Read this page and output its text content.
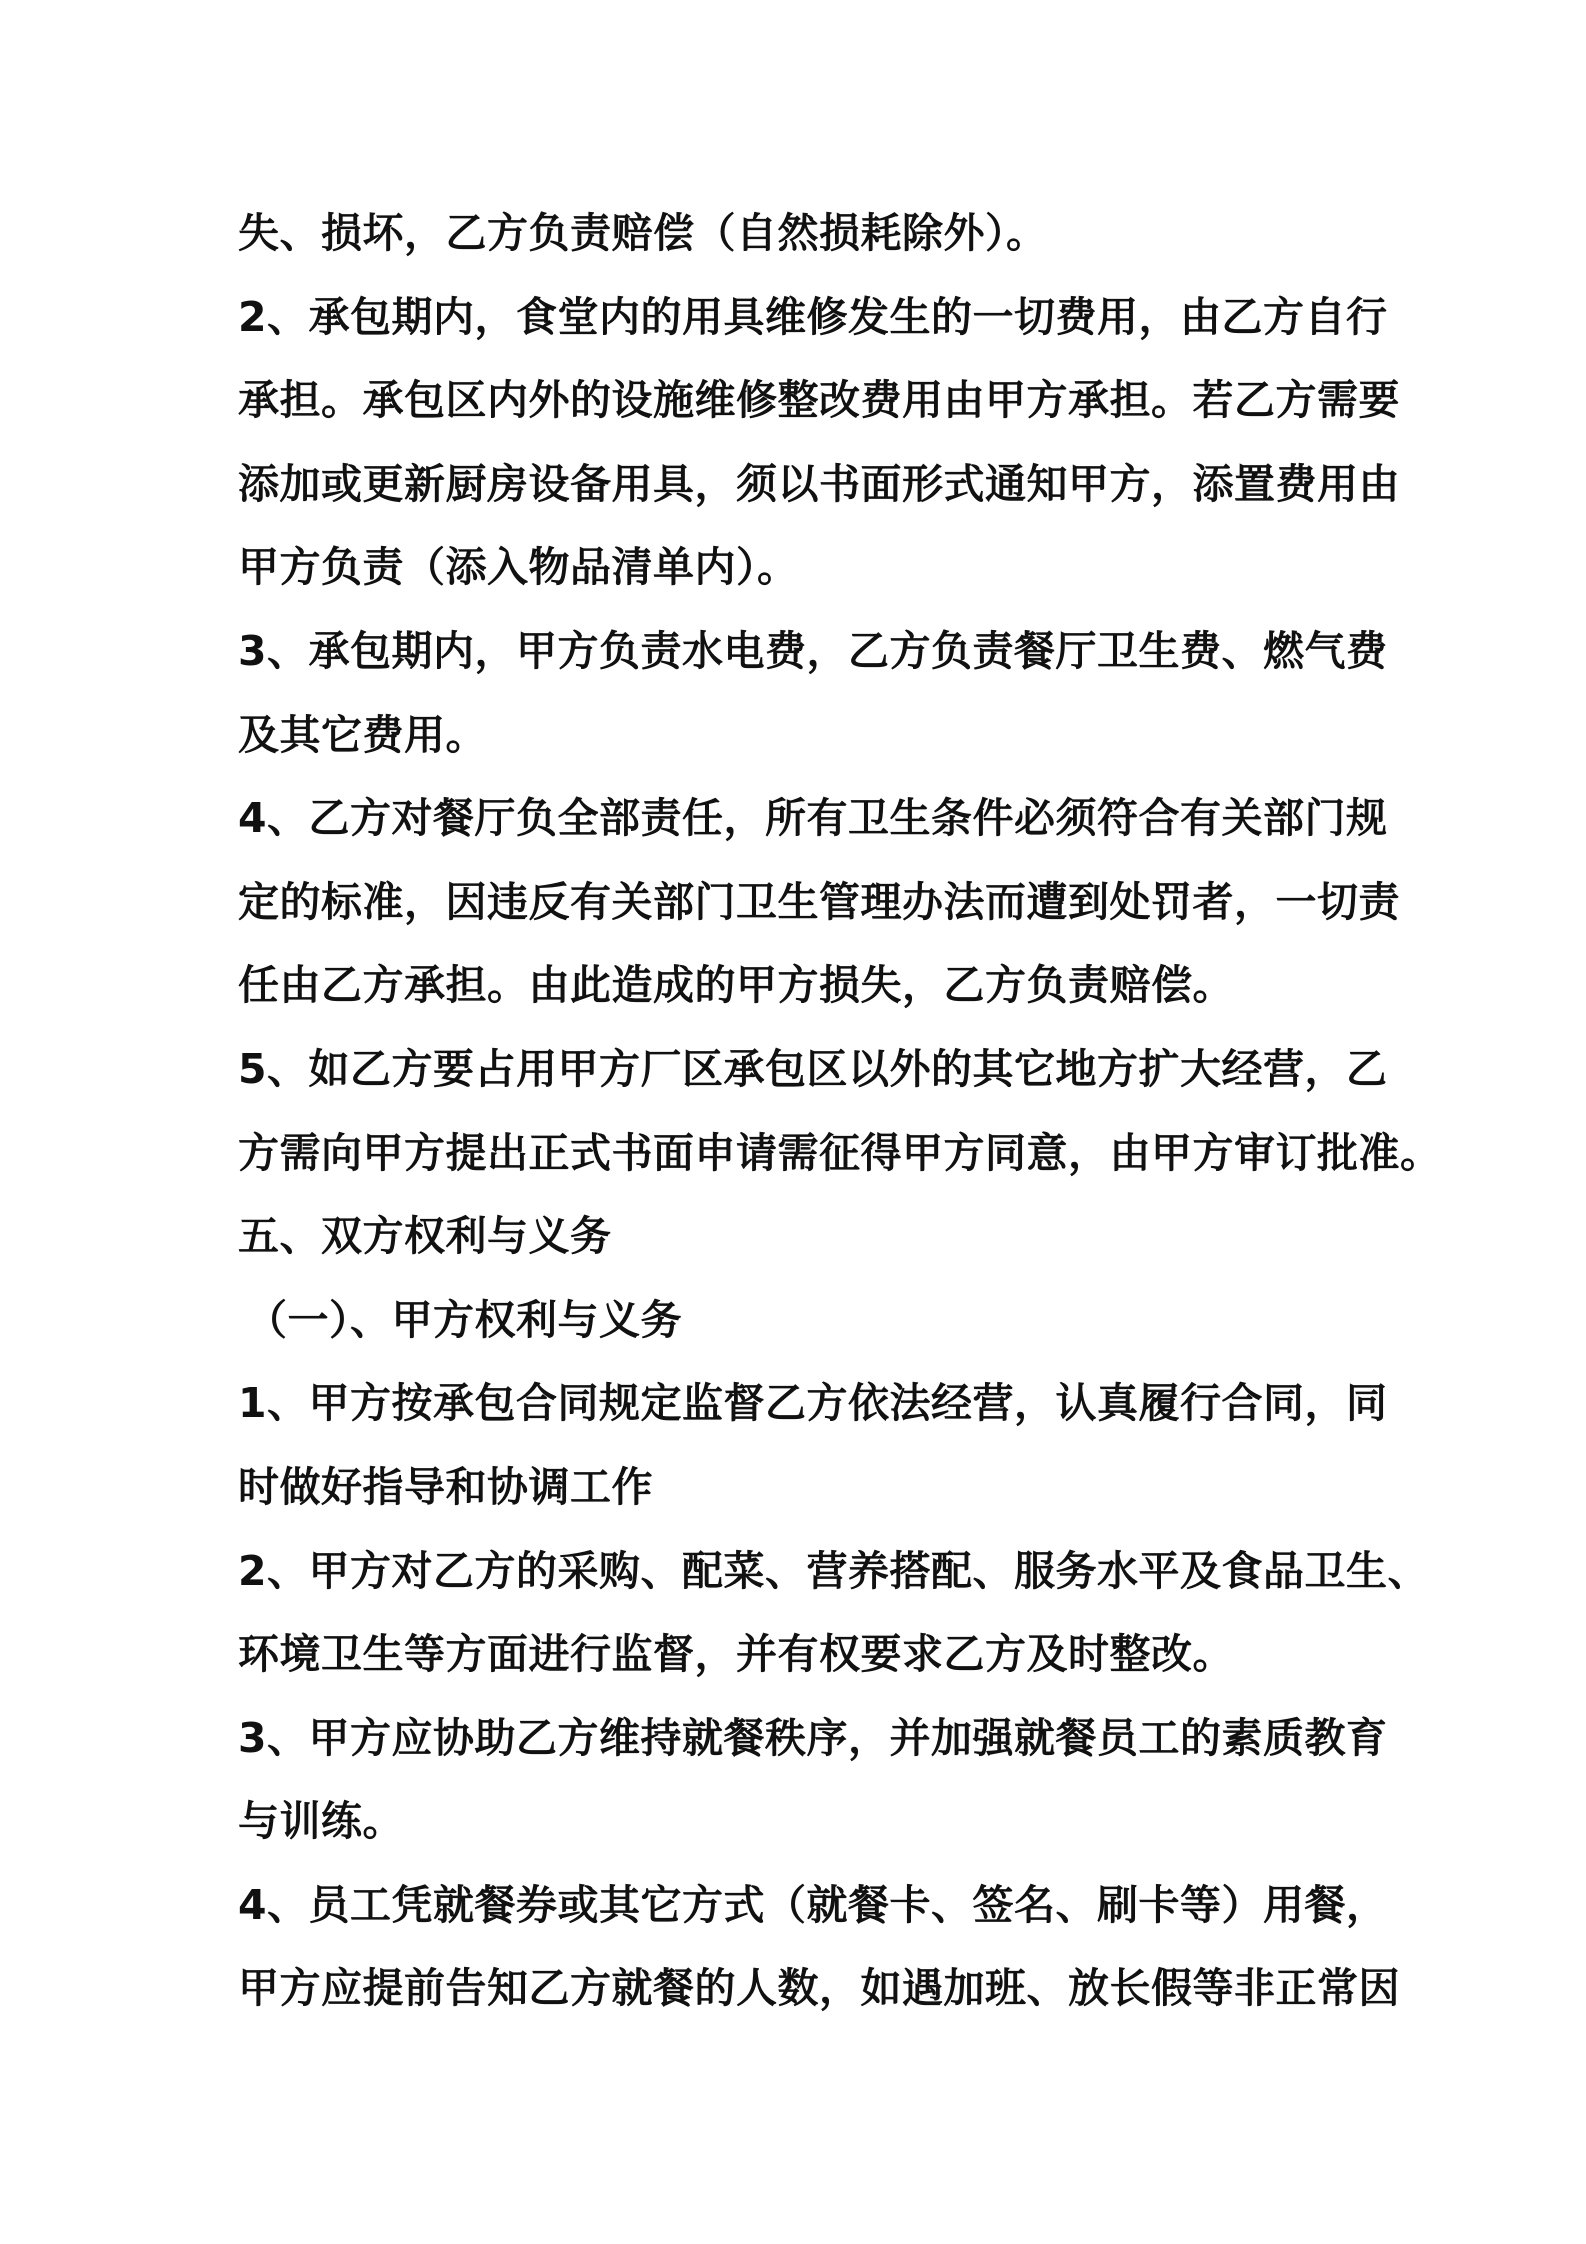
失、损坏，乙方负责赔偿（自然损耗除外）。
2、承包期内，食堂内的用具维修发生的一切费用，由乙方自行
承担。承包区内外的设施维修整改费用由甲方承担。若乙方需要
添加或更新厨房设备用具，须以书面形式通知甲方，添置费用由
甲方负责（添入物品清单内）。
3、承包期内，甲方负责水电费，乙方负责餐厅卫生费、燃气费
及其它费用。
4、乙方对餐厅负全部责任，所有卫生条件必须符合有关部门规
定的标准，因违反有关部门卫生管理办法而遭到处罚者，一切责
任由乙方承担。由此造成的甲方损失，乙方负责赔偿。
5、如乙方要占用甲方厂区承包区以外的其它地方扩大经营，乙
方需向甲方提出正式书面申请需征得甲方同意，由甲方审订批准。
五、双方权利与义务
（一）、甲方权利与义务
1、甲方按承包合同规定监督乙方依法经营，认真履行合同，同
时做好指导和协调工作
2、甲方对乙方的采购、配菜、营养搭配、服务水平及食品卫生、
环境卫生等方面进行监督，并有权要求乙方及时整改。
3、甲方应协助乙方维持就餐秩序，并加强就餐员工的素质教育
与训练。
4、员工凭就餐券或其它方式（就餐卡、签名、刷卡等）用餐，
甲方应提前告知乙方就餐的人数，如遇加班、放长假等非正常因
